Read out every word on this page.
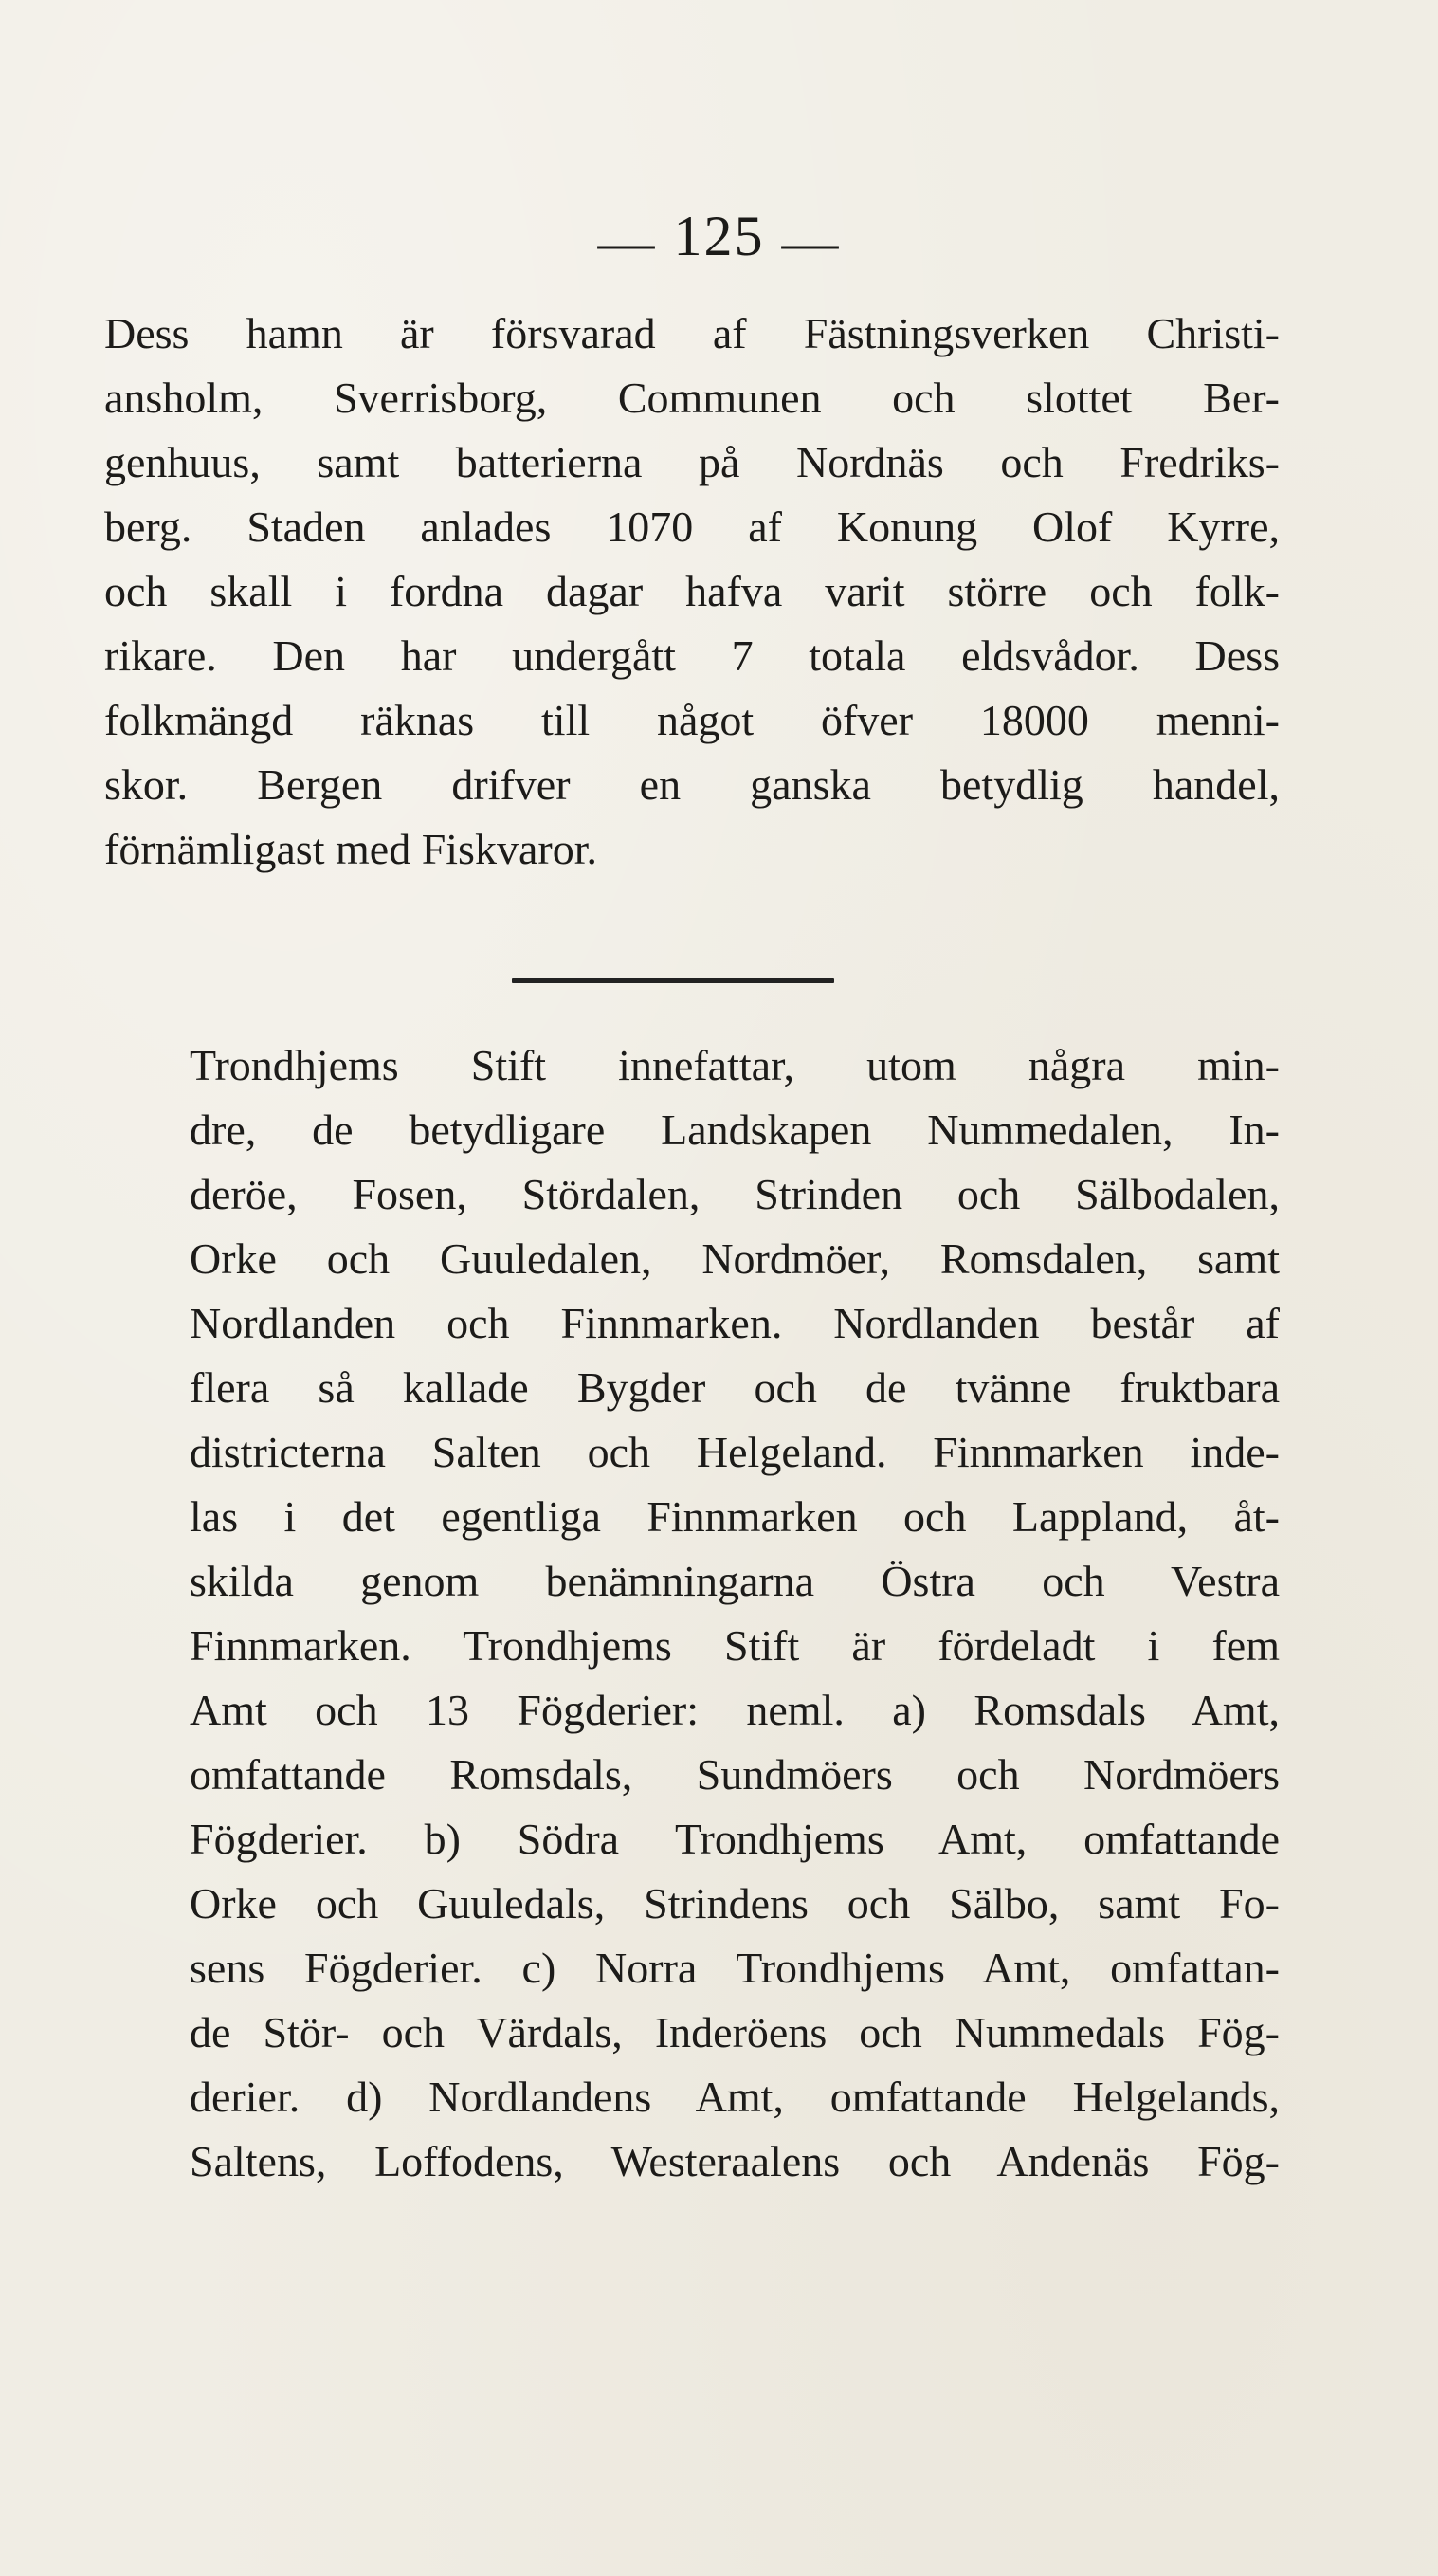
— 125 —
Dess hamn är försvarad af Fästningsverken Christi-
ansholm, Sverrisborg, Communen och slottet Ber-
genhuus, samt batterierna på Nordnäs och Fredriks-
berg. Staden anlades 1070 af Konung Olof Kyrre,
och skall i fordna dagar hafva varit större och folk-
rikare. Den har undergått 7 totala eldsvådor. Dess
folkmängd räknas till något öfver 18000 menni-
skor. Bergen drifver en ganska betydlig handel,
förnämligast med Fiskvaror.
Trondhjems Stift innefattar, utom några min-
dre, de betydligare Landskapen Nummedalen, In-
deröe, Fosen, Stördalen, Strinden och Sälbodalen,
Orke och Guuledalen, Nordmöer, Romsdalen, samt
Nordlanden och Finnmarken. Nordlanden består af
flera så kallade Bygder och de tvänne fruktbara
districterna Salten och Helgeland. Finnmarken inde-
las i det egentliga Finnmarken och Lappland, åt-
skilda genom benämningarna Östra och Vestra
Finnmarken. Trondhjems Stift är fördeladt i fem
Amt och 13 Fögderier: neml. a) Romsdals Amt,
omfattande Romsdals, Sundmöers och Nordmöers
Fögderier. b) Södra Trondhjems Amt, omfattande
Orke och Guuledals, Strindens och Sälbo, samt Fo-
sens Fögderier. c) Norra Trondhjems Amt, omfattan-
de Stör- och Värdals, Inderöens och Nummedals Fög-
derier. d) Nordlandens Amt, omfattande Helgelands,
Saltens, Loffodens, Westeraalens och Andenäs Fög-
